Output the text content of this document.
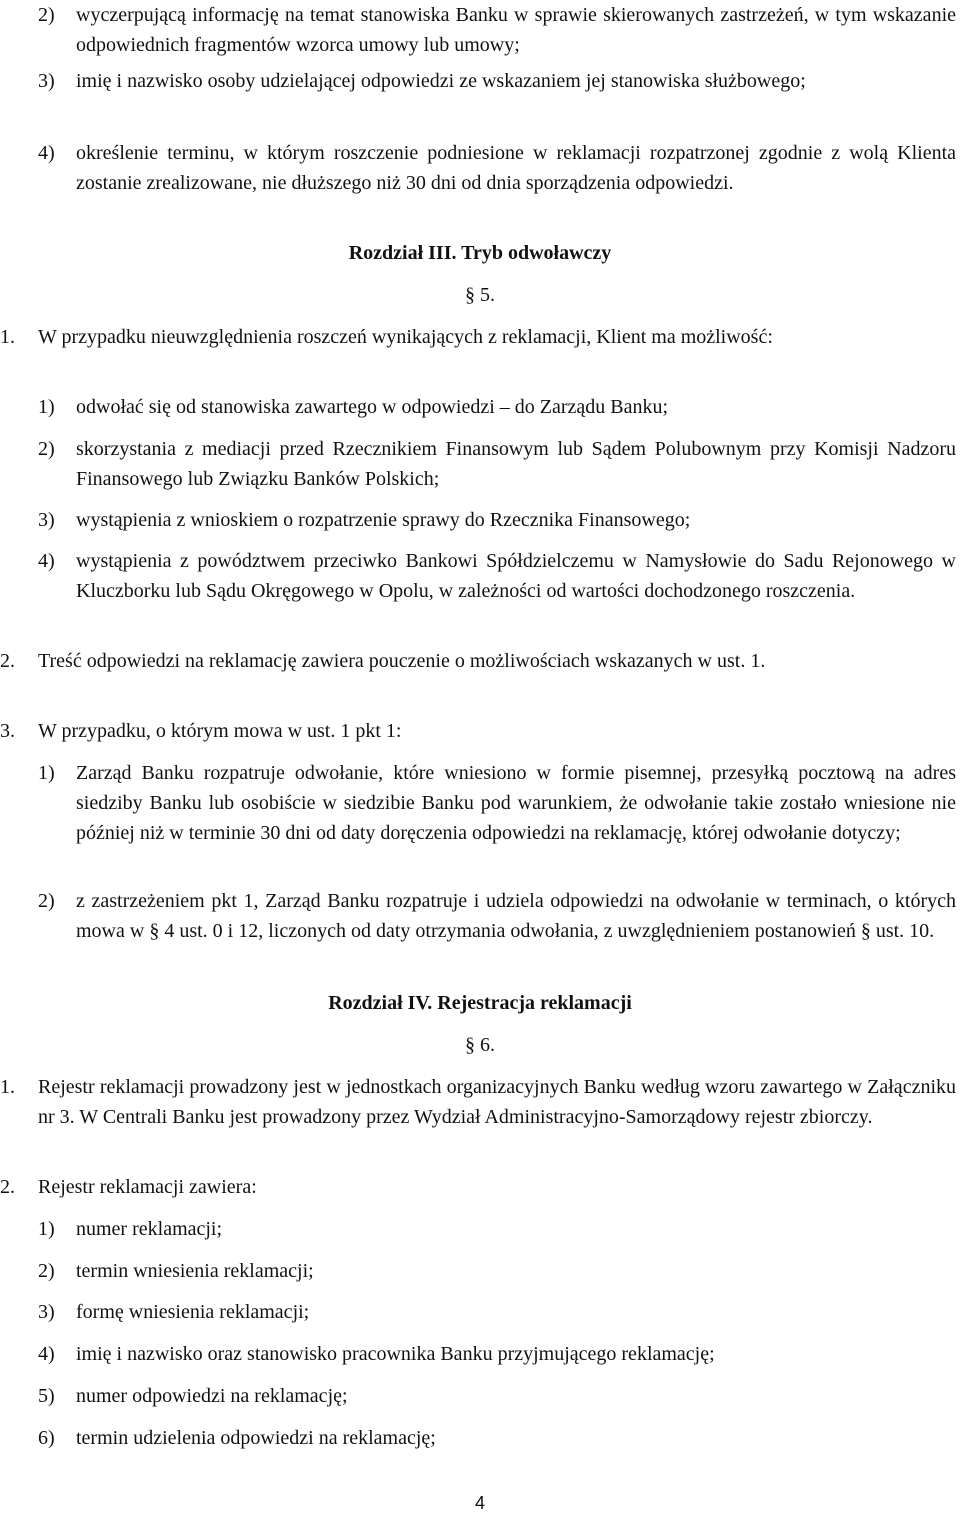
2)	wyczerpującą informację na temat stanowiska Banku w sprawie skierowanych zastrzeżeń, w tym wskazanie odpowiednich fragmentów wzorca umowy lub umowy;
3)	imię i nazwisko osoby udzielającej odpowiedzi ze wskazaniem jej stanowiska służbowego;
4)	określenie terminu, w którym roszczenie podniesione w reklamacji rozpatrzonej zgodnie z wolą Klienta zostanie zrealizowane, nie dłuższego niż 30 dni od dnia sporządzenia odpowiedzi.

Rozdział III. Tryb odwoławczy

§ 5.

1.	W przypadku nieuwzględnienia roszczeń wynikających z reklamacji, Klient ma możliwość:
1)	odwołać się od stanowiska zawartego w odpowiedzi – do Zarządu Banku;
2)	skorzystania z mediacji przed Rzecznikiem Finansowym lub Sądem Polubownym przy Komisji Nadzoru Finansowego lub Związku Banków Polskich;
3)	wystąpienia z wnioskiem o rozpatrzenie sprawy do Rzecznika Finansowego;
4)	wystąpienia z powództwem przeciwko Bankowi Spółdzielczemu w Namysłowie do Sadu Rejonowego w Kluczborku lub Sądu Okręgowego w Opolu, w zależności od wartości dochodzonego roszczenia.
2.	Treść odpowiedzi na reklamację zawiera pouczenie o możliwościach wskazanych w ust. 1.
3.	W przypadku, o którym mowa w ust. 1 pkt 1:
1)	Zarząd Banku rozpatruje odwołanie, które wniesiono w formie pisemnej, przesyłką pocztową na adres siedziby Banku lub osobiście w siedzibie Banku pod warunkiem, że odwołanie takie zostało wniesione nie później niż w terminie 30 dni od daty doręczenia odpowiedzi na reklamację, której odwołanie dotyczy;
2)	z zastrzeżeniem pkt 1, Zarząd Banku rozpatruje i udziela odpowiedzi na odwołanie w terminach, o których mowa w § 4 ust. 0 i 12, liczonych od daty otrzymania odwołania, z uwzględnieniem postanowień § ust. 10.

Rozdział IV. Rejestracja reklamacji

§ 6.

1.	Rejestr reklamacji prowadzony jest w jednostkach organizacyjnych Banku według wzoru zawartego w Załączniku nr 3. W Centrali Banku jest prowadzony przez Wydział Administracyjno-Samorządowy rejestr zbiorczy.
2.	Rejestr reklamacji zawiera:
1)	numer reklamacji;
2)	termin wniesienia reklamacji;
3)	formę wniesienia reklamacji;
4)	imię i nazwisko oraz stanowisko pracownika Banku przyjmującego reklamację;
5)	numer odpowiedzi na reklamację;
6)	termin udzielenia odpowiedzi na reklamację;
4
